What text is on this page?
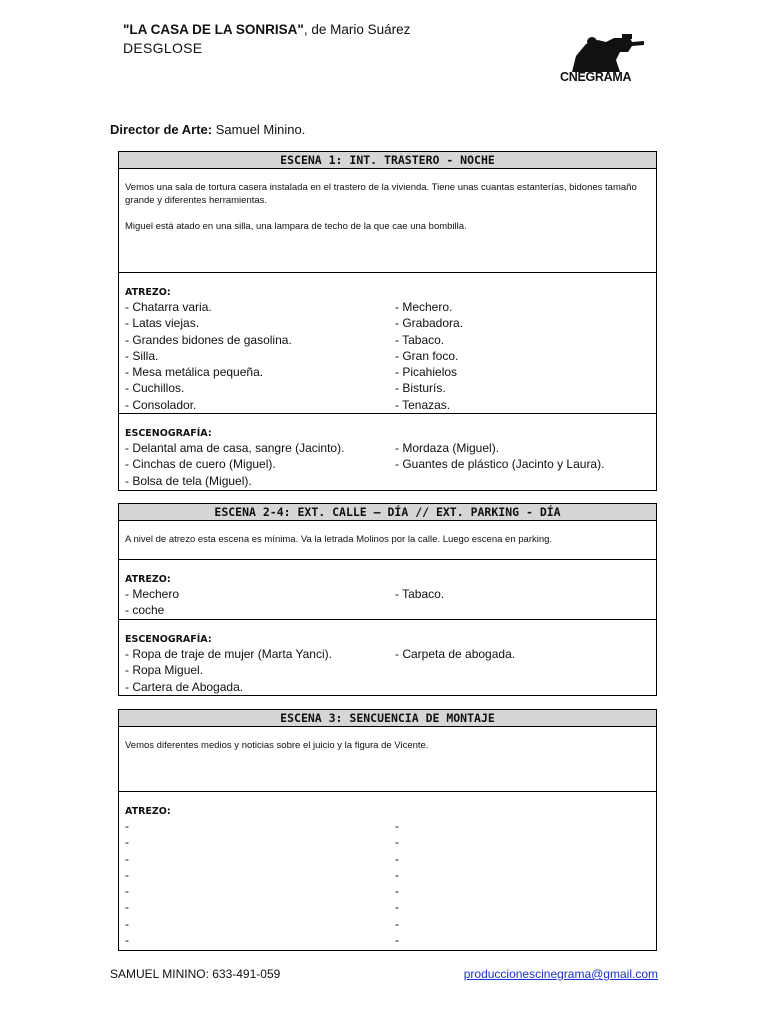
"LA CASA DE LA SONRISA", de Mario Suárez
DESGLOSE
CNEGRAMA
Director de Arte: Samuel Minino.
ESCENA 1: INT. TRASTERO - NOCHE

Vemos una sala de tortura casera instalada en el trastero de la vivienda. Tiene unas cuantas estanterías, bidones tamaño grande y diferentes herramientas.

Miguel está atado en una silla, una lampara de techo de la que cae una bombilla.

ATREZO:
- Chatarra varia.
- Latas viejas.
- Grandes bidones de gasolina.
- Silla.
- Mesa metálica pequeña.
- Cuchillos.
- Consolador.
- Mechero.
- Grabadora.
- Tabaco.
- Gran foco.
- Picahielos
- Bisturís.
- Tenazas.
ESCENOGRAFÍA:
- Delantal ama de casa, sangre (Jacinto).
- Cinchas de cuero (Miguel).
- Bolsa de tela (Miguel).
- Mordaza (Miguel).
- Guantes de plástico (Jacinto y Laura).
ESCENA 2-4: EXT. CALLE – DÍA // EXT. PARKING - DÍA

A nivel de atrezo esta escena es mínima. Va la letrada Molinos por la calle. Luego escena en parking.

ATREZO:
- Mechero
- coche
- Tabaco.
ESCENOGRAFÍA:
- Ropa de traje de mujer (Marta Yanci).
- Ropa Miguel.
- Cartera de Abogada.
- Carpeta de abogada.
ESCENA 3: SENCUENCIA DE MONTAJE

Vemos diferentes medios y noticias sobre el juicio y la figura de Vicente.

ATREZO:
-
-
-
-
-
-
-
-
-
-
-
-
-
-
-
-
SAMUEL MININO: 633-491-059	produccionescinegrama@gmail.com
